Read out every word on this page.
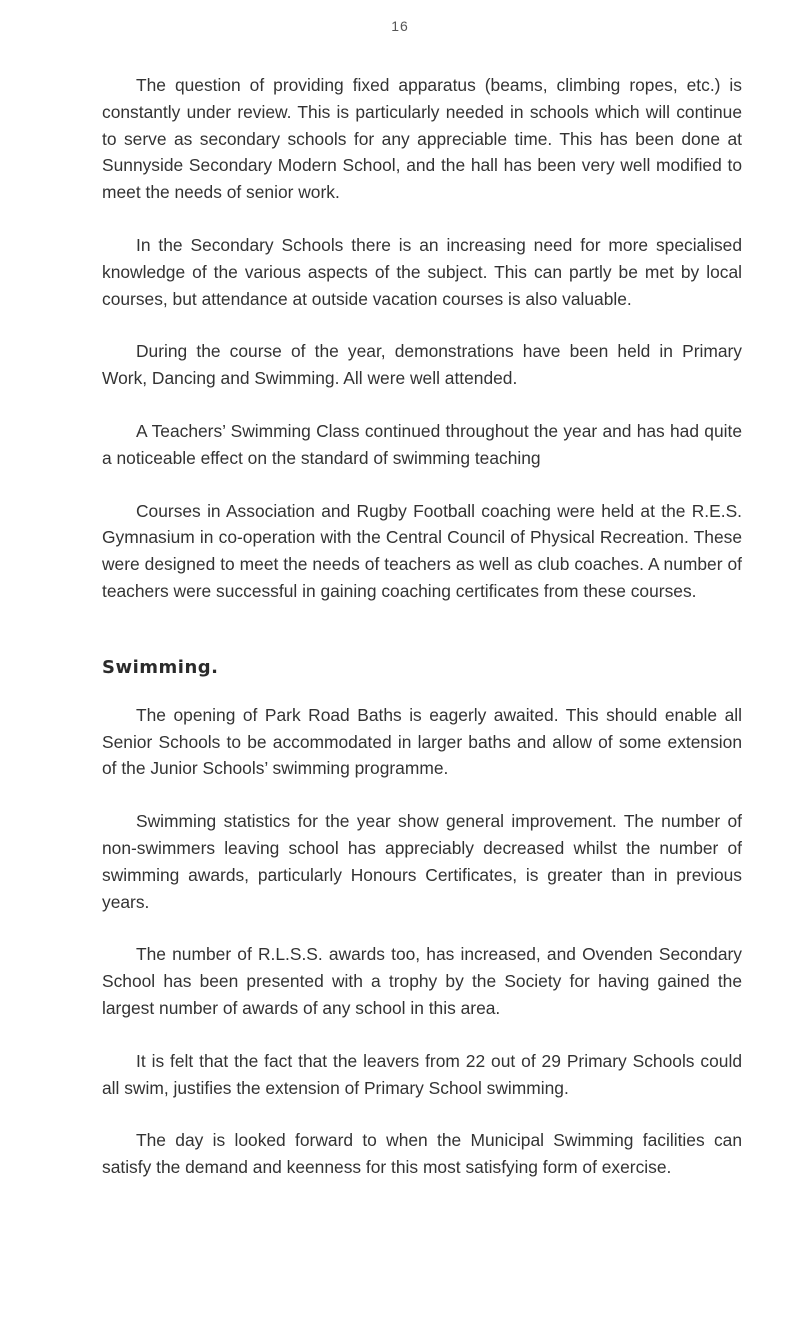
16

The question of providing fixed apparatus (beams, climbing ropes, etc.) is constantly under review. This is particularly needed in schools which will continue to serve as secondary schools for any appreciable time. This has been done at Sunnyside Secondary Modern School, and the hall has been very well modified to meet the needs of senior work.

In the Secondary Schools there is an increasing need for more specialised knowledge of the various aspects of the subject. This can partly be met by local courses, but attendance at outside vacation courses is also valuable.

During the course of the year, demonstrations have been held in Primary Work, Dancing and Swimming. All were well attended.

A Teachers’ Swimming Class continued throughout the year and has had quite a noticeable effect on the standard of swimming teaching

Courses in Association and Rugby Football coaching were held at the R.E.S. Gymnasium in co-operation with the Central Council of Physical Recreation. These were designed to meet the needs of teachers as well as club coaches. A number of teachers were successful in gaining coaching certificates from these courses.

Swimming.

The opening of Park Road Baths is eagerly awaited. This should enable all Senior Schools to be accommodated in larger baths and allow of some extension of the Junior Schools’ swimming programme.

Swimming statistics for the year show general improvement. The number of non-swimmers leaving school has appreciably decreased whilst the number of swimming awards, particularly Honours Certificates, is greater than in previous years.

The number of R.L.S.S. awards too, has increased, and Ovenden Secondary School has been presented with a trophy by the Society for having gained the largest number of awards of any school in this area.

It is felt that the fact that the leavers from 22 out of 29 Primary Schools could all swim, justifies the extension of Primary School swimming.

The day is looked forward to when the Municipal Swimming facilities can satisfy the demand and keenness for this most satisfying form of exercise.
